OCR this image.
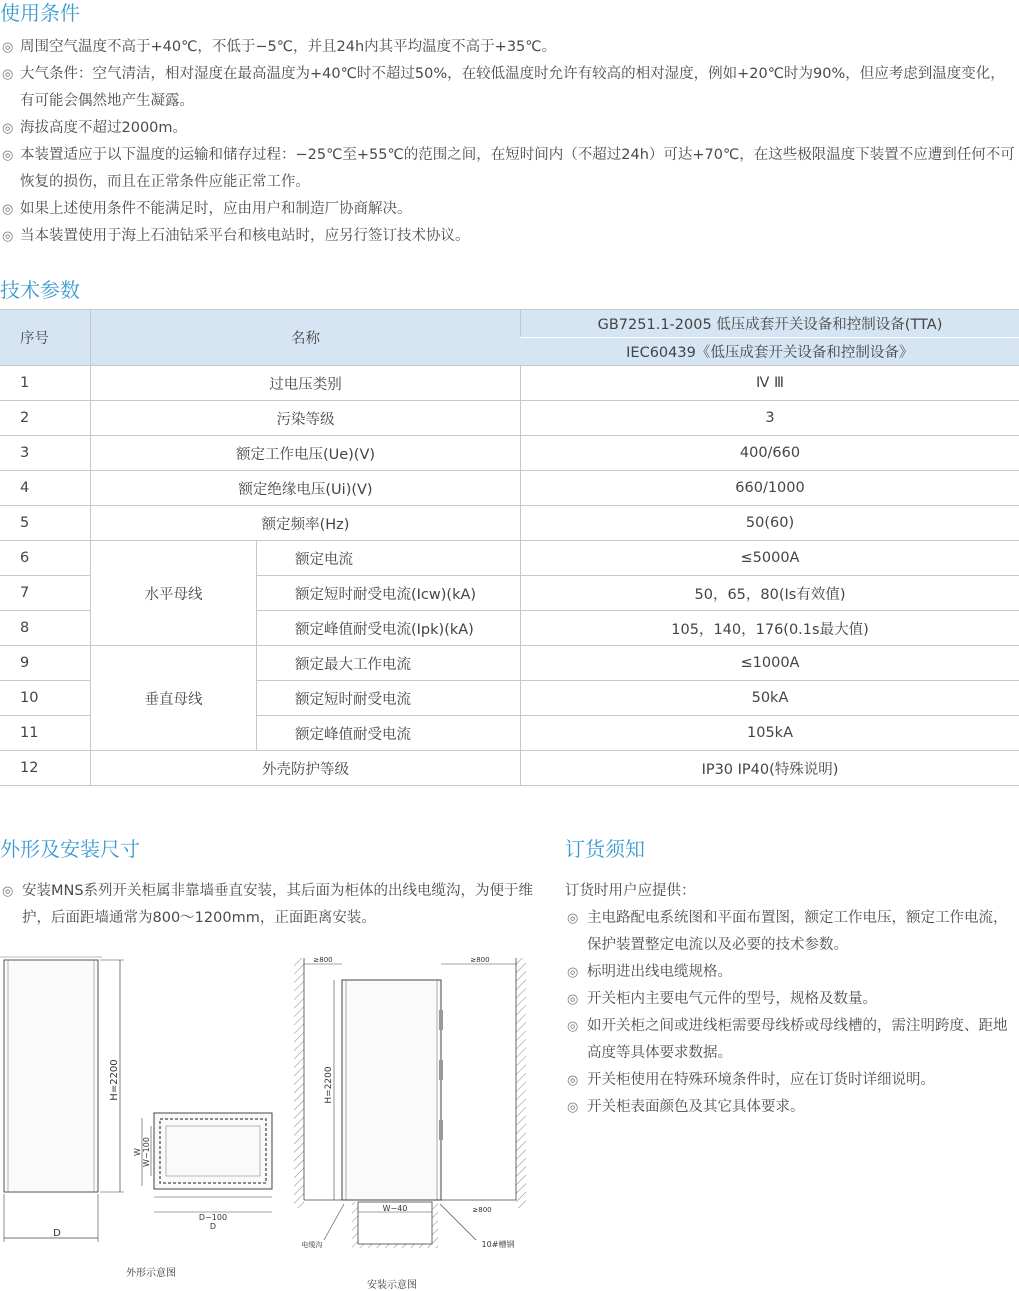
使用条件
◎ 周围空气温度不高于+40℃，不低于−5℃，并且24h内其平均温度不高于+35℃。
◎ 大气条件：空气清洁，相对湿度在最高温度为+40℃时不超过50%，在较低温度时允许有较高的相对湿度，例如+20℃时为90%，但应考虑到温度变化，有可能会偶然地产生凝露。
◎ 海拔高度不超过2000m。
◎ 本装置适应于以下温度的运输和储存过程：−25℃至+55℃的范围之间，在短时间内（不超过24h）可达+70℃，在这些极限温度下装置不应遭到任何不可恢复的损伤，而且在正常条件应能正常工作。
◎ 如果上述使用条件不能满足时，应由用户和制造厂协商解决。
◎ 当本装置使用于海上石油钻采平台和核电站时，应另行签订技术协议。
技术参数
序号	名称		GB7251.1-2005 低压成套开关设备和控制设备(TTA)
			IEC60439《低压成套开关设备和控制设备》
1	过电压类别		Ⅳ Ⅲ
2	污染等级		3
3	额定工作电压(Ue)(V)		400/660
4	额定绝缘电压(Ui)(V)		660/1000
5	额定频率(Hz)		50(60)
6	水平母线	额定电流	≤5000A
7		额定短时耐受电流(Icw)(kA)	50，65，80(Is有效值)
8		额定峰值耐受电流(Ipk)(kA)	105，140，176(0.1s最大值)
9	垂直母线	额定最大工作电流	≤1000A
10		额定短时耐受电流	50kA
11		额定峰值耐受电流	105kA
12	外壳防护等级		IP30 IP40(特殊说明)
外形及安装尺寸
◎ 安装MNS系列开关柜属非靠墙垂直安装，其后面为柜体的出线电缆沟，为便于维护，后面距墙通常为800～1200mm，正面距离安装。
H=2200
D
D−100
D
W W−100
外形示意图
≥800	≥800
H=2200
W−40	≥800
电缆沟	10#槽钢
安装示意图
订货须知
订货时用户应提供：
◎ 主电路配电系统图和平面布置图，额定工作电压，额定工作电流，保护装置整定电流以及必要的技术参数。
◎ 标明进出线电缆规格。
◎ 开关柜内主要电气元件的型号，规格及数量。
◎ 如开关柜之间或进线柜需要母线桥或母线槽的，需注明跨度、距地高度等具体要求数据。
◎ 开关柜使用在特殊环境条件时，应在订货时详细说明。
◎ 开关柜表面颜色及其它具体要求。
